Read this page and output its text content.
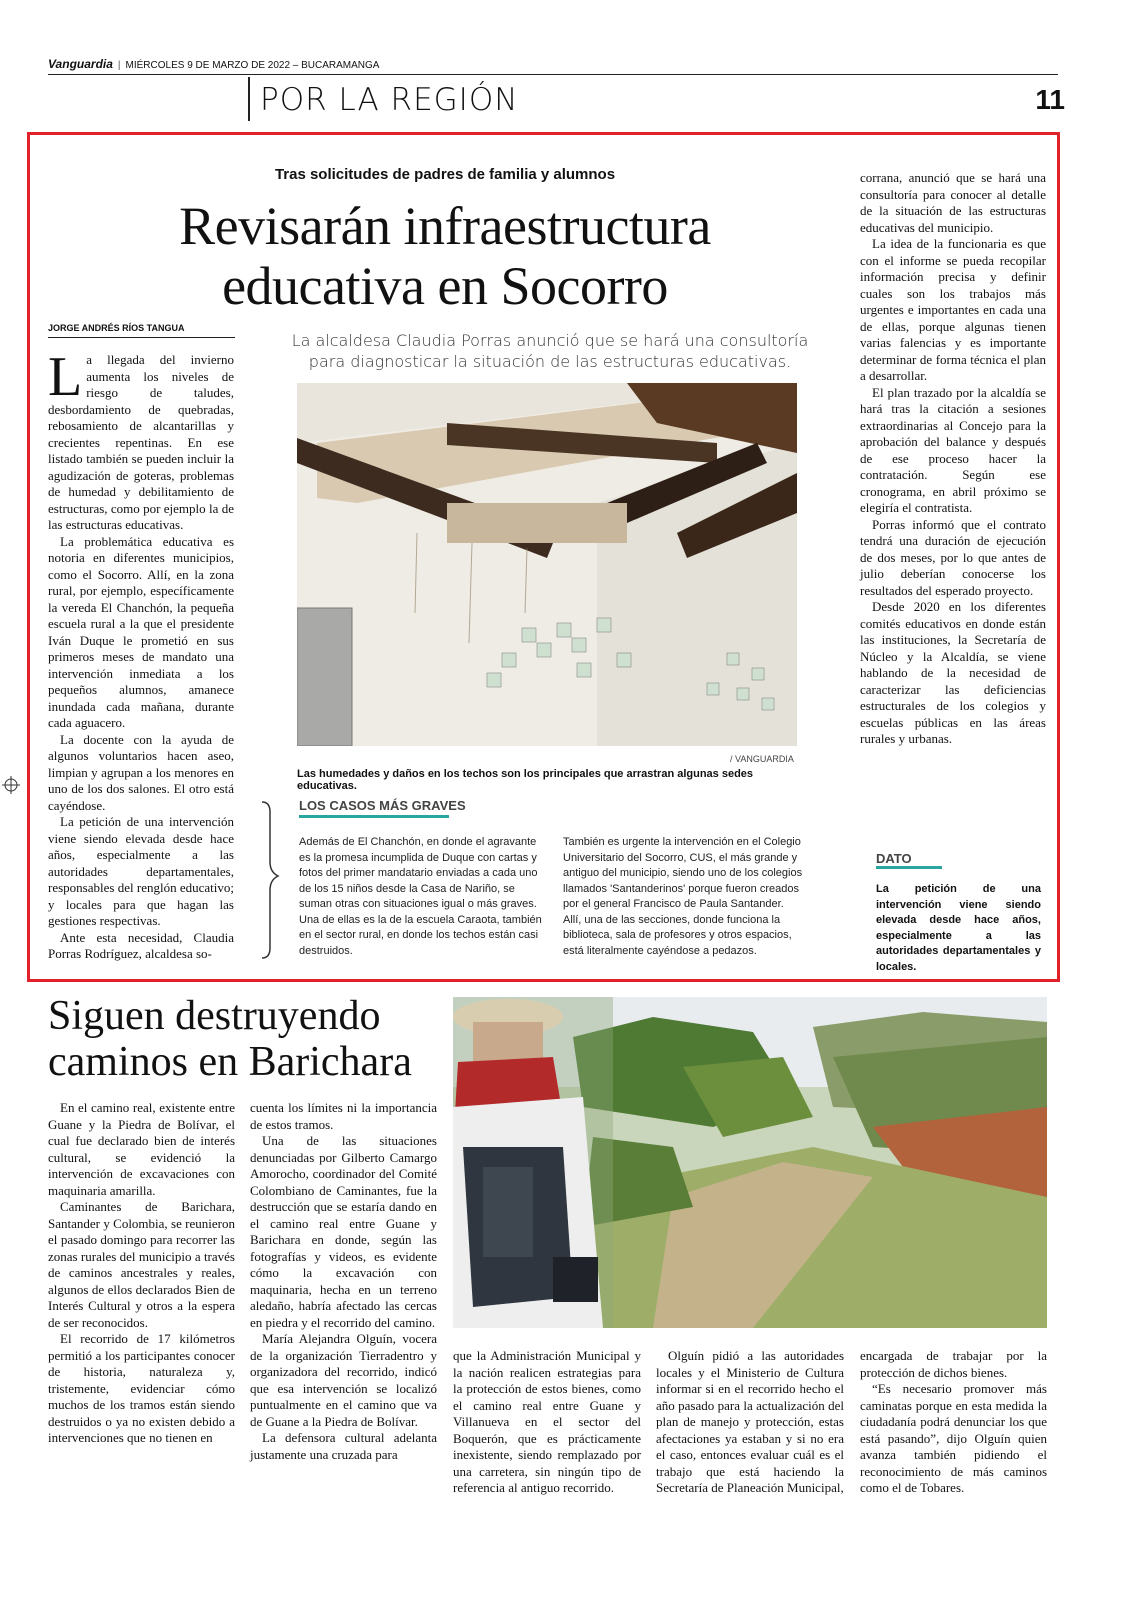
Vanguardia | MIÉRCOLES 9 DE MARZO DE 2022 – BUCARAMANGA
POR LA REGIÓN	11
Tras solicitudes de padres de familia y alumnos
Revisarán infraestructura educativa en Socorro
JORGE ANDRÉS RÍOS TANGUA
La alcaldesa Claudia Porras anunció que se hará una consultoría para diagnosticar la situación de las estructuras educativas.

La llegada del invierno aumenta los niveles de riesgo de taludes, desbordamiento de quebradas, rebosamiento de alcantarillas y crecientes repentinas. En ese listado también se pueden incluir la agudización de goteras, problemas de humedad y debilitamiento de estructuras, como por ejemplo la de las estructuras educativas.

La problemática educativa es notoria en diferentes municipios, como el Socorro. Allí, en la zona rural, por ejemplo, específicamente la vereda El Chanchón, la pequeña escuela rural a la que el presidente Iván Duque le prometió en sus primeros meses de mandato una intervención inmediata a los pequeños alumnos, amanece inundada cada mañana, durante cada aguacero.

La docente con la ayuda de algunos voluntarios hacen aseo, limpian y agrupan a los menores en uno de los dos salones. El otro está cayéndose.

La petición de una intervención viene siendo elevada desde hace años, especialmente a las autoridades departamentales, responsables del renglón educativo; y locales para que hagan las gestiones respectivas.

Ante esta necesidad, Claudia Porras Rodríguez, alcaldesa so-

/ VANGUARDIA
Las humedades y daños en los techos son los principales que arrastran algunas sedes educativas.

corrana, anunció que se hará una consultoría para conocer al detalle de la situación de las estructuras educativas del municipio.

La idea de la funcionaria es que con el informe se pueda recopilar información precisa y definir cuales son los trabajos más urgentes e importantes en cada una de ellas, porque algunas tienen varias falencias y es importante determinar de forma técnica el plan a desarrollar.

El plan trazado por la alcaldía se hará tras la citación a sesiones extraordinarias al Concejo para la aprobación del balance y después de ese proceso hacer la contratación. Según ese cronograma, en abril próximo se elegiría el contratista.

Porras informó que el contrato tendrá una duración de ejecución de dos meses, por lo que antes de julio deberían conocerse los resultados del esperado proyecto.

Desde 2020 en los diferentes comités educativos en donde están las instituciones, la Secretaría de Núcleo y la Alcaldía, se viene hablando de la necesidad de caracterizar las deficiencias estructurales de los colegios y escuelas públicas en las áreas rurales y urbanas.

LOS CASOS MÁS GRAVES

Además de El Chanchón, en donde el agravante es la promesa incumplida de Duque con cartas y fotos del primer mandatario enviadas a cada uno de los 15 niños desde la Casa de Nariño, se suman otras con situaciones igual o más graves.

Una de ellas es la de la escuela Caraota, también en el sector rural, en donde los techos están casi destruidos.

También es urgente la intervención en el Colegio Universitario del Socorro, CUS, el más grande y antiguo del municipio, siendo uno de los colegios llamados 'Santanderinos' porque fueron creados por el general Francisco de Paula Santander.

Allí, una de las secciones, donde funciona la biblioteca, sala de profesores y otros espacios, está literalmente cayéndose a pedazos.

DATO
La petición de una intervención viene siendo elevada desde hace años, especialmente a las autoridades departamentales y locales.
Siguen destruyendo caminos en Barichara

En el camino real, existente entre Guane y la Piedra de Bolívar, el cual fue declarado bien de interés cultural, se evidenció la intervención de excavaciones con maquinaria amarilla.

Caminantes de Barichara, Santander y Colombia, se reunieron el pasado domingo para recorrer las zonas rurales del municipio a través de caminos ancestrales y reales, algunos de ellos declarados Bien de Interés Cultural y otros a la espera de ser reconocidos.

El recorrido de 17 kilómetros permitió a los participantes conocer de historia, naturaleza y, tristemente, evidenciar cómo muchos de los tramos están siendo destruidos o ya no existen debido a intervenciones que no tienen en

cuenta los límites ni la importancia de estos tramos.

Una de las situaciones denunciadas por Gilberto Camargo Amorocho, coordinador del Comité Colombiano de Caminantes, fue la destrucción que se estaría dando en el camino real entre Guane y Barichara en donde, según las fotografías y videos, es evidente cómo la excavación con maquinaria, hecha en un terreno aledaño, habría afectado las cercas en piedra y el recorrido del camino.

María Alejandra Olguín, vocera de la organización Tierradentro y organizadora del recorrido, indicó que esa intervención se localizó puntualmente en el camino que va de Guane a la Piedra de Bolívar.

La defensora cultural adelanta justamente una cruzada para

que la Administración Municipal y la nación realicen estrategias para la protección de estos bienes, como el camino real entre Guane y Villanueva en el sector del Boquerón, que es prácticamente inexistente, siendo remplazado por una carretera, sin ningún tipo de referencia al antiguo recorrido.

Olguín pidió a las autoridades locales y el Ministerio de Cultura informar si en el recorrido hecho el año pasado para la actualización del plan de manejo y protección, estas afectaciones ya estaban y si no era el caso, entonces evaluar cuál es el trabajo que está haciendo la Secretaría de Planeación Municipal,

encargada de trabajar por la protección de dichos bienes.

“Es necesario promover más caminatas porque en esta medida la ciudadanía podrá denunciar los que está pasando”, dijo Olguín quien avanza también pidiendo el reconocimiento de más caminos como el de Tobares.
